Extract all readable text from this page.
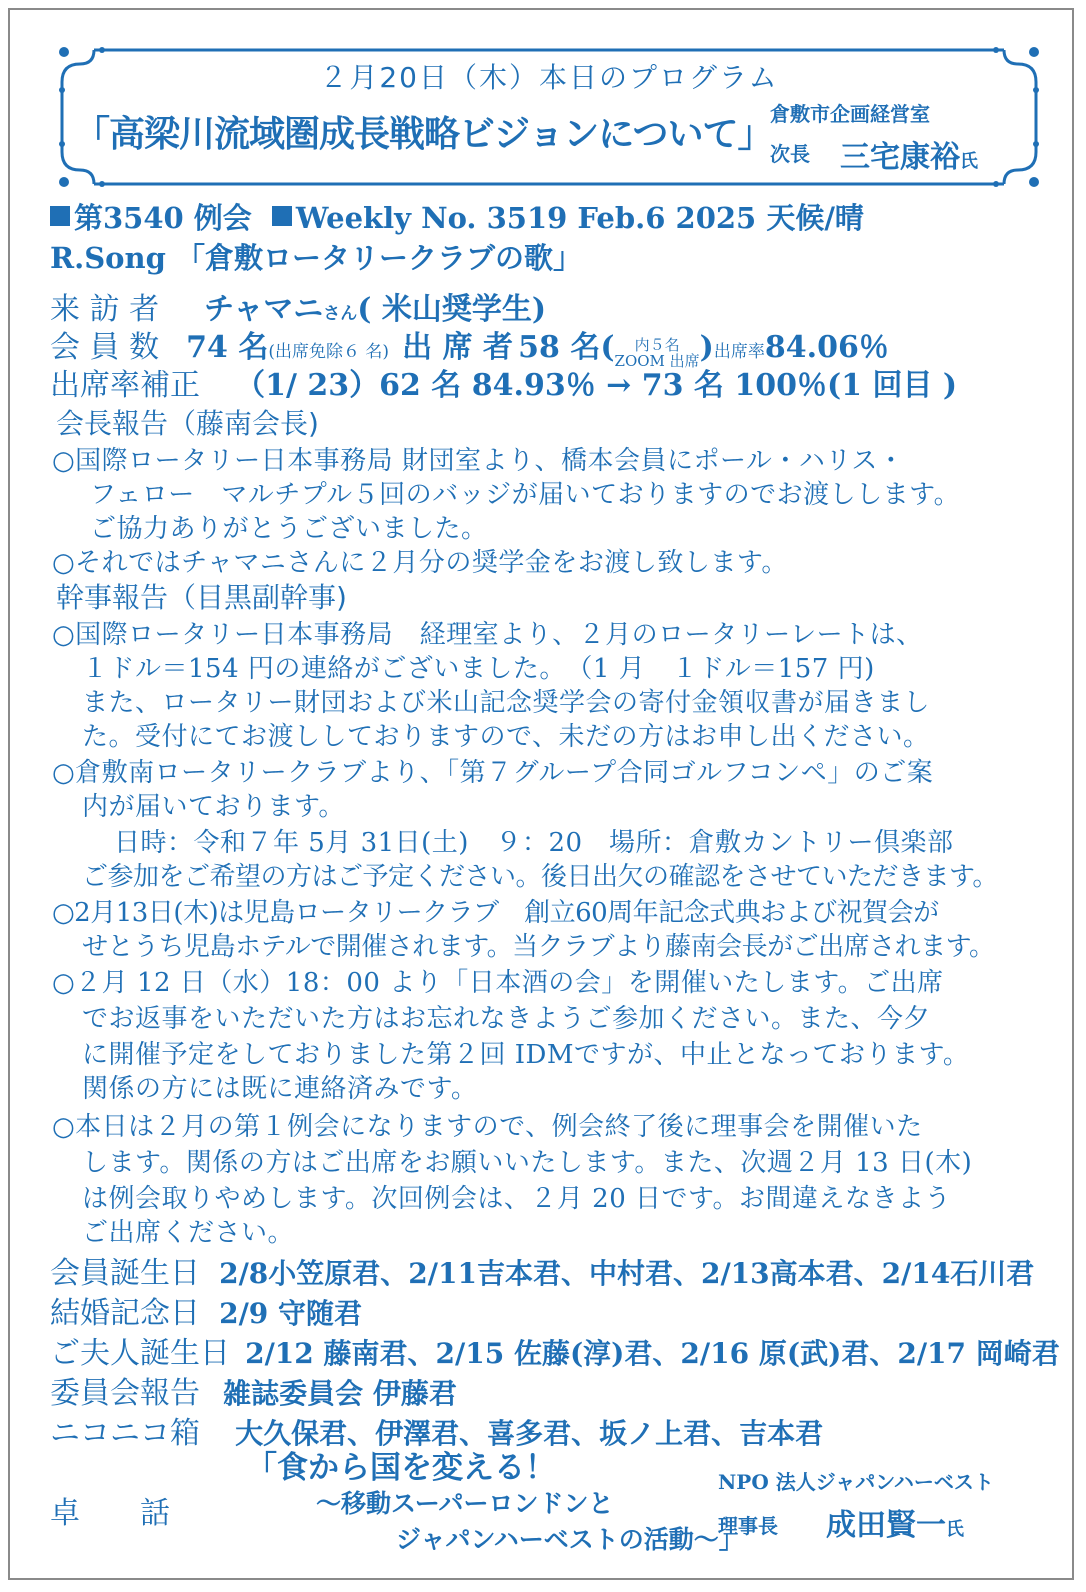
２月20日（木）本日のプログラム
「高梁川流域圏成長戦略ビジョンについて」
倉敷市企画経営室
次長 三宅康裕氏
第3540 例会 Weekly No. 3519 Feb.6 2025 天候/晴
R.Song 「倉敷ロータリークラブの歌」
来 訪 者 チャマニさん( 米山奨学生)
会 員 数 74 名(出席免除６ 名) 出 席 者 58 名( 内５名
ZOOM 出席)出席率84.06％
出席率補正 （1/ 23）62 名 84.93％ → 73 名 100％(1 回目 )
会長報告（藤南会長)
○国際ロータリー日本事務局 財団室より、橋本会員にポール・ハリス・
フェロー　マルチプル５回のバッジが届いておりますのでお渡しします。
ご協力ありがとうございました。
○それではチャマニさんに２月分の奨学金をお渡し致します。
幹事報告（目黒副幹事)
○国際ロータリー日本事務局　経理室より、２月のロータリーレートは、
１ドル＝154 円の連絡がございました。　（1 月　１ドル＝157 円)
また、ロータリー財団および米山記念奨学会の寄付金領収書が届きまし
た。受付にてお渡ししておりますので、未だの方はお申し出ください。
○倉敷南ロータリークラブより、「第７グループ合同ゴルフコンペ」のご案
内が届いております。
日時：令和７年 5月 31日(土)　９：20　場所：倉敷カントリー倶楽部
ご参加をご希望の方はご予定ください。後日出欠の確認をさせていただきます。
○2月13日(木)は児島ロータリークラブ　創立60周年記念式典および祝賀会が
せとうち児島ホテルで開催されます。当クラブより藤南会長がご出席されます。
○２月 12 日（水）18：00 より「日本酒の会」を開催いたします。ご出席
でお返事をいただいた方はお忘れなきようご参加ください。また、今夕
に開催予定をしておりました第２回 IDMですが、中止となっております。
関係の方には既に連絡済みです。
○本日は２月の第１例会になりますので、例会終了後に理事会を開催いた
します。関係の方はご出席をお願いいたします。また、次週２月 13 日(木)
は例会取りやめします。次回例会は、２月 20 日です。お間違えなきよう
ご出席ください。
会員誕生日 2/8小笠原君、2/11吉本君、中村君、2/13高本君、2/14石川君
結婚記念日 2/9 守随君
ご夫人誕生日 2/12 藤南君、2/15 佐藤(淳)君、2/16 原(武)君、2/17 岡崎君
委員会報告 雑誌委員会 伊藤君
ニコニコ箱 大久保君、伊澤君、喜多君、坂ノ上君、吉本君
卓　　話
「食から国を変える！
～移動スーパーロンドンと
ジャパンハーベストの活動～」
NPO 法人ジャパンハーベスト
理事長 成田賢一氏
